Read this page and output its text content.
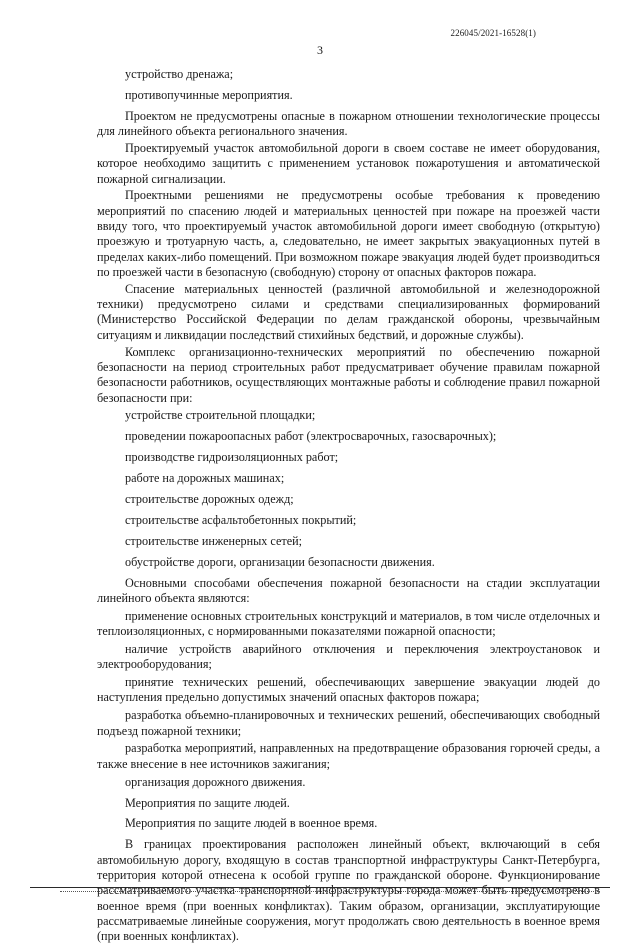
226045/2021-16528(1)
3

устройство дренажа;

противопучинные мероприятия.

Проектом не предусмотрены опасные в пожарном отношении технологические процессы для линейного объекта регионального значения.

Проектируемый участок автомобильной дороги в своем составе не имеет оборудования, которое необходимо защитить с применением установок пожаротушения и автоматической пожарной сигнализации.

Проектными решениями не предусмотрены особые требования к проведению мероприятий по спасению людей и материальных ценностей при пожаре на проезжей части ввиду того, что проектируемый участок автомобильной дороги имеет свободную (открытую) проезжую и тротуарную часть, а, следовательно, не имеет закрытых эвакуационных путей в пределах каких-либо помещений. При возможном пожаре эвакуация людей будет производиться по проезжей части в безопасную (свободную) сторону от опасных факторов пожара.

Спасение материальных ценностей (различной автомобильной и железнодорожной техники) предусмотрено силами и средствами специализированных формирований (Министерство Российской Федерации по делам гражданской обороны, чрезвычайным ситуациям и ликвидации последствий стихийных бедствий, и дорожные службы).

Комплекс организационно-технических мероприятий по обеспечению пожарной безопасности на период строительных работ предусматривает обучение правилам пожарной безопасности работников, осуществляющих монтажные работы и соблюдение правил пожарной безопасности при:

устройстве строительной площадки;

проведении пожароопасных работ (электросварочных, газосварочных);

производстве гидроизоляционных работ;

работе на дорожных машинах;

строительстве дорожных одежд;

строительстве асфальтобетонных покрытий;

строительстве инженерных сетей;

обустройстве дороги, организации безопасности движения.

Основными способами обеспечения пожарной безопасности на стадии эксплуатации линейного объекта являются:

применение основных строительных конструкций и материалов, в том числе отделочных и теплоизоляционных, с нормированными показателями пожарной опасности;

наличие устройств аварийного отключения и переключения электроустановок и электрооборудования;

принятие технических решений, обеспечивающих завершение эвакуации людей до наступления предельно допустимых значений опасных факторов пожара;

разработка объемно-планировочных и технических решений, обеспечивающих свободный подъезд пожарной техники;

разработка мероприятий, направленных на предотвращение образования горючей среды, а также внесение в нее источников зажигания;

организация дорожного движения.

Мероприятия по защите людей.

Мероприятия по защите людей в военное время.

В границах проектирования расположен линейный объект, включающий в себя автомобильную дорогу, входящую в состав транспортной инфраструктуры Санкт-Петербурга, территория которой отнесена к особой группе по гражданской обороне. Функционирование рассматриваемого участка транспортной инфраструктуры города может быть предусмотрено в военное время (при военных конфликтах). Таким образом, организации, эксплуатирующие рассматриваемые линейные сооружения, могут продолжать свою деятельность в военное время (при военных конфликтах).
